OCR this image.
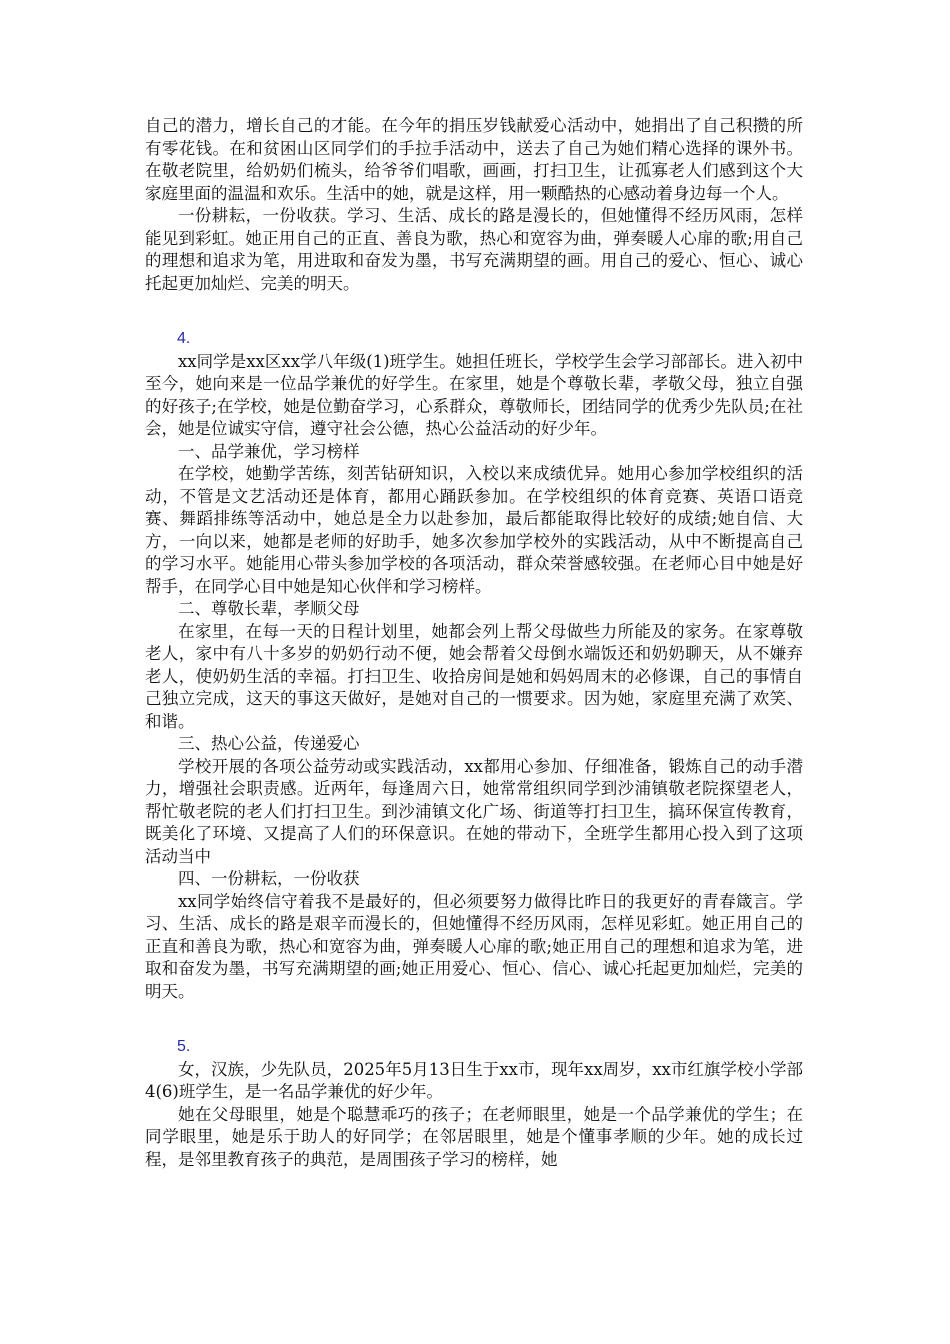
自己的潜力，增长自己的才能。在今年的捐压岁钱献爱心活动中，她捐出了自己积攒的所有零花钱。在和贫困山区同学们的手拉手活动中，送去了自己为她们精心选择的课外书。在敬老院里，给奶奶们梳头，给爷爷们唱歌，画画，打扫卫生，让孤寡老人们感到这个大家庭里面的温温和欢乐。生活中的她，就是这样，用一颗酷热的心感动着身边每一个人。

一份耕耘，一份收获。学习、生活、成长的路是漫长的，但她懂得不经历风雨，怎样能见到彩虹。她正用自己的正直、善良为歌，热心和宽容为曲，弹奏暖人心扉的歌;用自己的理想和追求为笔，用进取和奋发为墨，书写充满期望的画。用自己的爱心、恒心、诚心托起更加灿烂、完美的明天。

4.

xx同学是xx区xx学八年级(1)班学生。她担任班长，学校学生会学习部部长。进入初中至今，她向来是一位品学兼优的好学生。在家里，她是个尊敬长辈，孝敬父母，独立自强的好孩子;在学校，她是位勤奋学习，心系群众，尊敬师长，团结同学的优秀少先队员;在社会，她是位诚实守信，遵守社会公德，热心公益活动的好少年。

一、品学兼优，学习榜样

在学校，她勤学苦练，刻苦钻研知识，入校以来成绩优异。她用心参加学校组织的活动，不管是文艺活动还是体育，都用心踊跃参加。在学校组织的体育竞赛、英语口语竞赛、舞蹈排练等活动中，她总是全力以赴参加，最后都能取得比较好的成绩;她自信、大方，一向以来，她都是老师的好助手，她多次参加学校外的实践活动，从中不断提高自己的学习水平。她能用心带头参加学校的各项活动，群众荣誉感较强。在老师心目中她是好帮手，在同学心目中她是知心伙伴和学习榜样。

二、尊敬长辈，孝顺父母

在家里，在每一天的日程计划里，她都会列上帮父母做些力所能及的家务。在家尊敬老人，家中有八十多岁的奶奶行动不便，她会帮着父母倒水端饭还和奶奶聊天，从不嫌弃老人，使奶奶生活的幸福。打扫卫生、收拾房间是她和妈妈周末的必修课，自己的事情自己独立完成，这天的事这天做好，是她对自己的一惯要求。因为她，家庭里充满了欢笑、和谐。

三、热心公益，传递爱心

学校开展的各项公益劳动或实践活动，xx都用心参加、仔细准备，锻炼自己的动手潜力，增强社会职责感。近两年，每逢周六日，她常常组织同学到沙浦镇敬老院探望老人，帮忙敬老院的老人们打扫卫生。到沙浦镇文化广场、街道等打扫卫生，搞环保宣传教育，既美化了环境、又提高了人们的环保意识。在她的带动下，全班学生都用心投入到了这项活动当中

四、一份耕耘，一份收获

xx同学始终信守着我不是最好的，但必须要努力做得比昨日的我更好的青春箴言。学习、生活、成长的路是艰辛而漫长的，但她懂得不经历风雨，怎样见彩虹。她正用自己的正直和善良为歌，热心和宽容为曲，弹奏暖人心扉的歌;她正用自己的理想和追求为笔，进取和奋发为墨，书写充满期望的画;她正用爱心、恒心、信心、诚心托起更加灿烂，完美的明天。

5.

女，汉族，少先队员，2025年5月13日生于xx市，现年xx周岁，xx市红旗学校小学部4(6)班学生，是一名品学兼优的好少年。

她在父母眼里，她是个聪慧乖巧的孩子；在老师眼里，她是一个品学兼优的学生；在同学眼里，她是乐于助人的好同学；在邻居眼里，她是个懂事孝顺的少年。她的成长过程，是邻里教育孩子的典范，是周围孩子学习的榜样，她
